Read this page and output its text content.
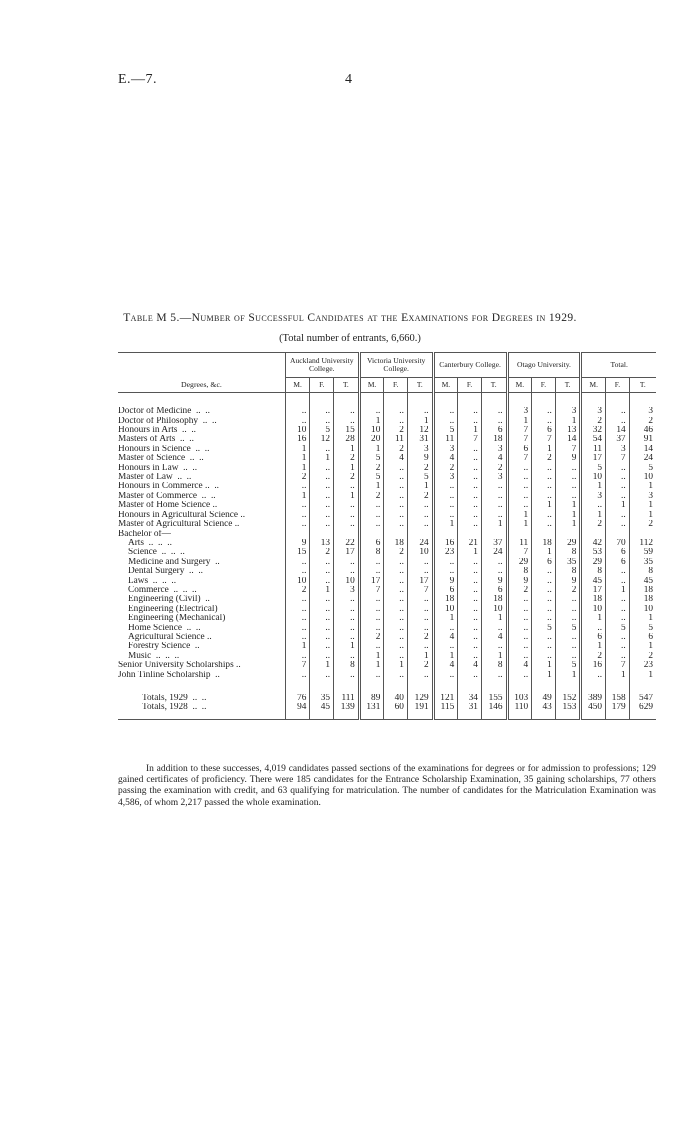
E.—7.	4
Table M 5.—Number of Successful Candidates at the Examinations for Degrees in 1929.
(Total number of entrants, 6,660.)
Degrees, &c.	Auckland University College.			Victoria University College.			Canterbury College.			Otago University.			Total.		
	M.	F.	T.	M.	F.	T.	M.	F.	T.	M.	F.	T.	M.	F.	T.

Doctor of Medicine  ..  ..	..	..	..	..	..	..	..	..	..	3	..	3	3	..	3
Doctor of Philosophy  ..  ..	..	..	..	1	..	1	..	..	..	1	..	1	2	..	2
Honours in Arts  ..  ..	10	5	15	10	2	12	5	1	6	7	6	13	32	14	46
Masters of Arts  ..  ..	16	12	28	20	11	31	11	7	18	7	7	14	54	37	91
Honours in Science  ..  ..	1	..	1	1	2	3	3	..	3	6	1	7	11	3	14
Master of Science  ..  ..	1	1	2	5	4	9	4	..	4	7	2	9	17	7	24
Honours in Law  ..  ..	1	..	1	2	..	2	2	..	2	..	..	..	5	..	5
Master of Law  ..  ..	2	..	2	5	..	5	3	..	3	..	..	..	10	..	10
Honours in Commerce ..  ..	..	..	..	1	..	1	..	..	..	..	..	..	1	..	1
Master of Commerce  ..  ..	1	..	1	2	..	2	..	..	..	..	..	..	3	..	3
Master of Home Science ..	..	..	..	..	..	..	..	..	..	..	1	1	..	1	1
Honours in Agricultural Science ..	..	..	..	..	..	..	..	..	..	1	..	1	1	..	1
Master of Agricultural Science ..	..	..	..	..	..	..	1	..	1	1	..	1	2	..	2
Bachelor of—															
Arts  ..  ..  ..	9	13	22	6	18	24	16	21	37	11	18	29	42	70	112
Science  ..  ..  ..	15	2	17	8	2	10	23	1	24	7	1	8	53	6	59
Medicine and Surgery  ..	..	..	..	..	..	..	..	..	..	29	6	35	29	6	35
Dental Surgery  ..  ..	..	..	..	..	..	..	..	..	..	8	..	8	8	..	8
Laws  ..  ..  ..	10	..	10	17	..	17	9	..	9	9	..	9	45	..	45
Commerce  ..  ..  ..	2	1	3	7	..	7	6	..	6	2	..	2	17	1	18
Engineering (Civil)  ..	..	..	..	..	..	..	18	..	18	..	..	..	18	..	18
Engineering (Electrical)	..	..	..	..	..	..	10	..	10	..	..	..	10	..	10
Engineering (Mechanical)	..	..	..	..	..	..	1	..	1	..	..	..	1	..	1
Home Science  ..  ..	..	..	..	..	..	..	..	..	..	..	5	5	..	5	5
Agricultural Science ..	..	..	..	2	..	2	4	..	4	..	..	..	6	..	6
Forestry Science  ..	1	..	1	..	..	..	..	..	..	..	..	..	1	..	1
Music  ..  ..  ..	..	..	..	1	..	1	1	..	1	..	..	..	2	..	2
Senior University Scholarships ..	7	1	8	1	1	2	4	4	8	4	1	5	16	7	23
John Tinline Scholarship  ..	..	..	..	..	..	..	..	..	..	..	1	1	..	1	1

Totals, 1929  ..  ..	76	35	111	89	40	129	121	34	155	103	49	152	389	158	547
Totals, 1928  ..  ..	94	45	139	131	60	191	115	31	146	110	43	153	450	179	629

In addition to these successes, 4,019 candidates passed sections of the examinations for degrees or for admission to professions; 129 gained certificates of proficiency. There were 185 candidates for the Entrance Scholarship Examination, 35 gaining scholarships, 77 others passing the examination with credit, and 63 qualifying for matriculation. The number of candidates for the Matriculation Examination was 4,586, of whom 2,217 passed the whole examination.
